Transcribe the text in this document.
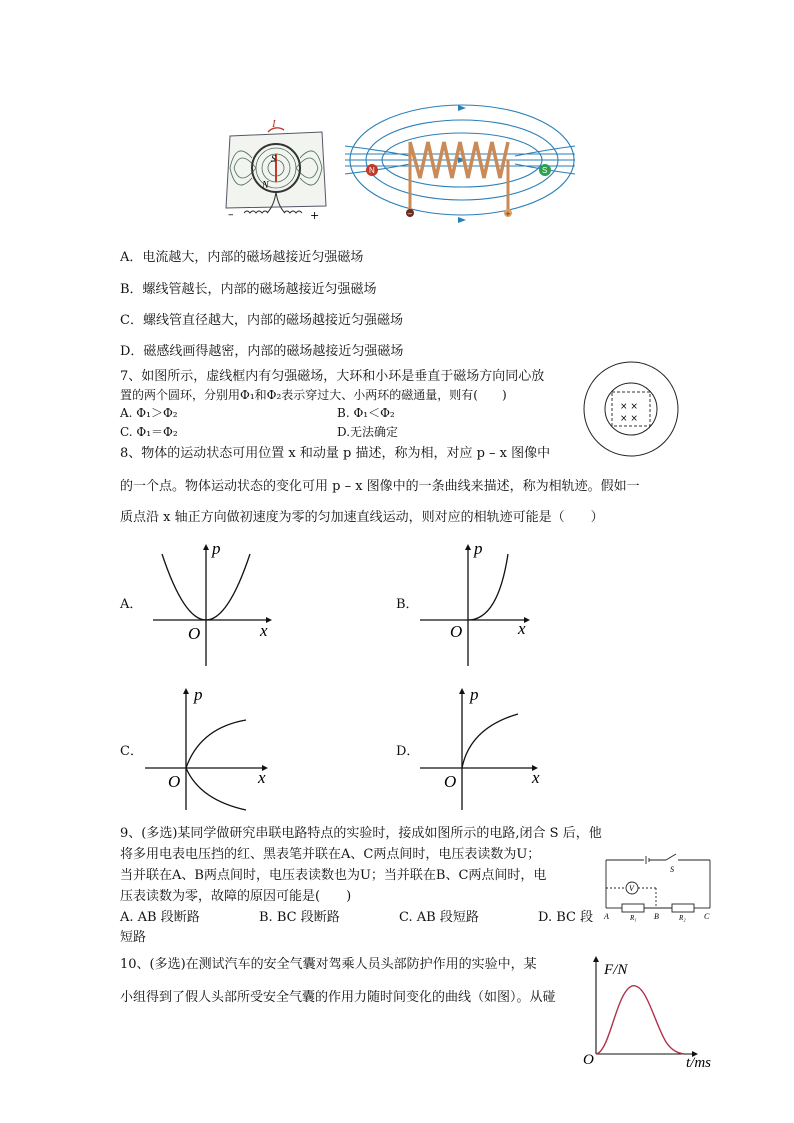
I
S
N
–	+
N	S
−	+
A．电流越大，内部的磁场越接近匀强磁场
B．螺线管越长，内部的磁场越接近匀强磁场
C．螺线管直径越大，内部的磁场越接近匀强磁场
D．磁感线画得越密，内部的磁场越接近匀强磁场
7、如图所示，虚线框内有匀强磁场，大环和小环是垂直于磁场方向同心放
置的两个圆环，分别用Φ₁和Φ₂表示穿过大、小两环的磁通量，则有(　　)
A. Φ₁＞Φ₂	B. Φ₁＜Φ₂
C. Φ₁＝Φ₂	D.无法确定
× ×
× ×
8、物体的运动状态可用位置 x 和动量 p 描述，称为相，对应 p – x 图像中
的一个点。物体运动状态的变化可用 p – x 图像中的一条曲线来描述，称为相轨迹。假如一
质点沿 x 轴正方向做初速度为零的匀加速直线运动，则对应的相轨迹可能是（　　）
A．
p
x
O
B．
p
x
O
C．
p
x
O
D．
p
x
O
9、(多选)某同学做研究串联电路特点的实验时，接成如图所示的电路,闭合 S 后，他
将多用电表电压挡的红、黑表笔并联在A、C两点间时，电压表读数为U；
当并联在A、B两点间时，电压表读数也为U；当并联在B、C两点间时，电
压表读数为零，故障的原因可能是(　　)
A. AB 段断路	B. BC 段断路	C. AB 段短路	D. BC 段
短路
S
V
A	R₁ B	R₂ C
10、(多选)在测试汽车的安全气囊对驾乘人员头部防护作用的实验中，某
小组得到了假人头部所受安全气囊的作用力随时间变化的曲线（如图）。从碰
F/N
t/ms
O
